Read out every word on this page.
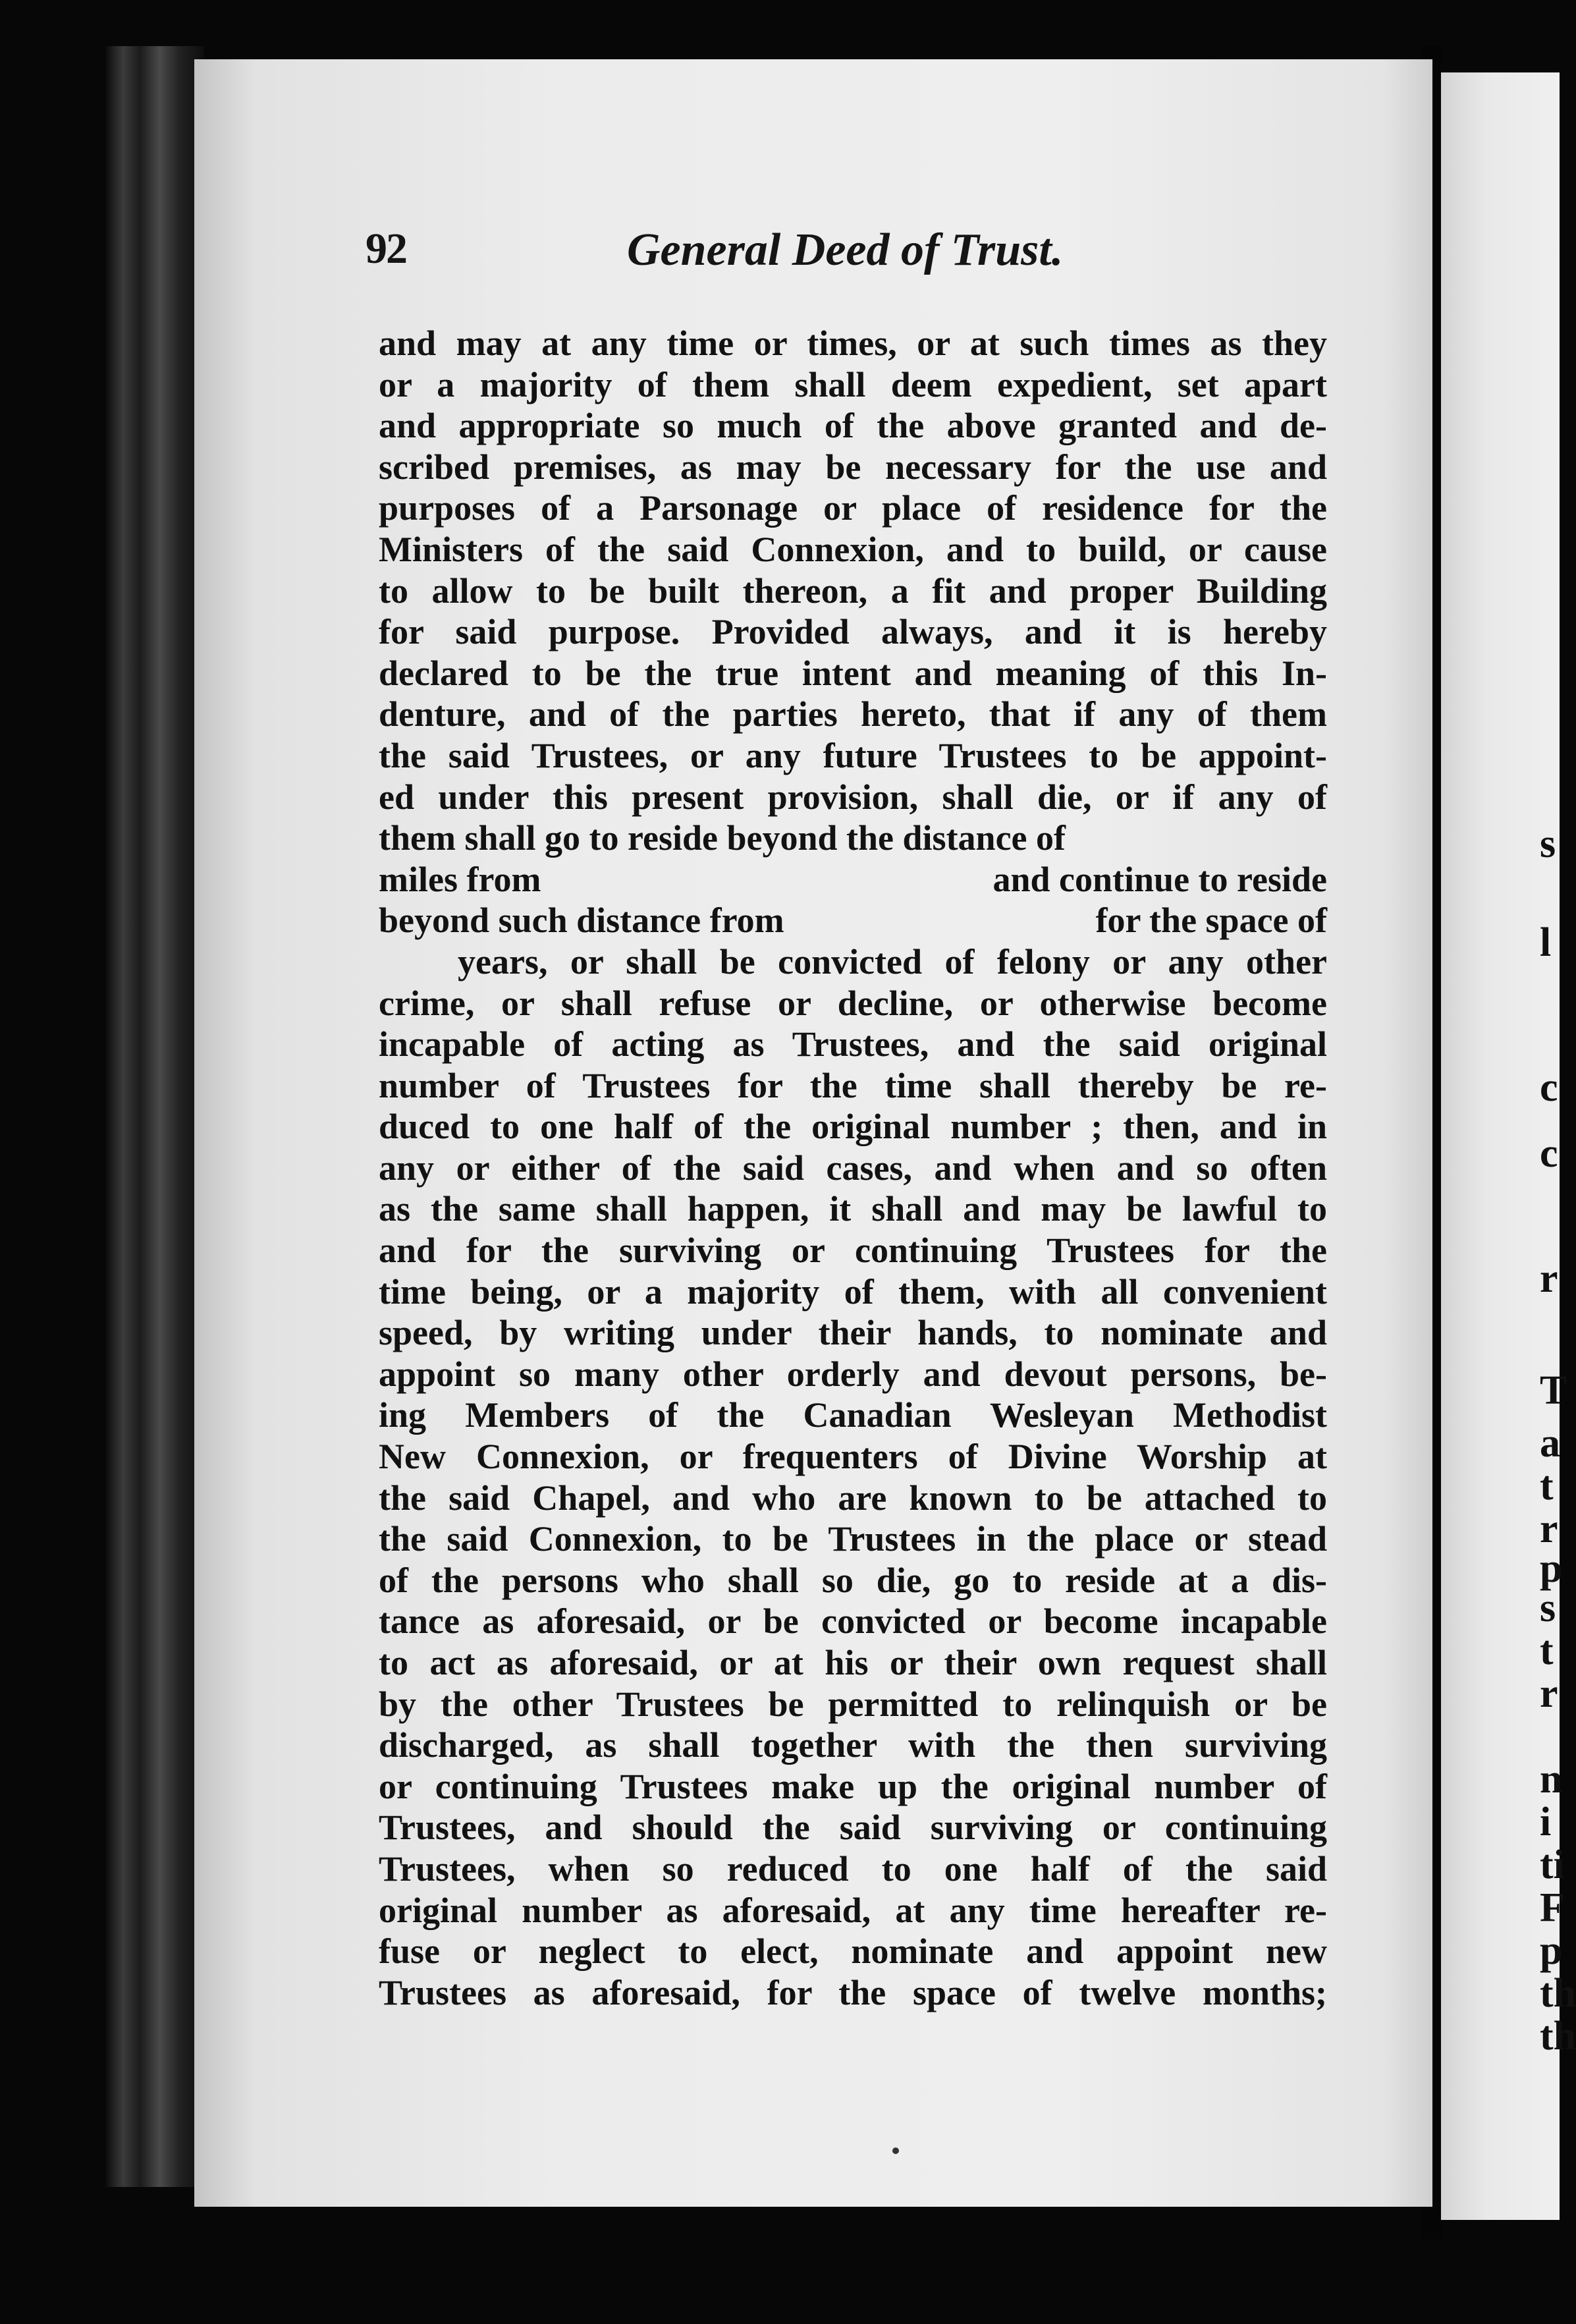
92	General Deed of Trust.
and may at any time or times, or at such times as they
or a majority of them shall deem expedient, set apart
and appropriate so much of the above granted and de-
scribed premises, as may be necessary for the use and
purposes of a Parsonage or place of residence for the
Ministers of the said Connexion, and to build, or cause
to allow to be built thereon, a fit and proper Building
for said purpose. Provided always, and it is hereby
declared to be the true intent and meaning of this In-
denture, and of the parties hereto, that if any of them
the said Trustees, or any future Trustees to be appoint-
ed under this present provision, shall die, or if any of
them shall go to reside beyond the distance of
miles from	and continue to reside
beyond such distance from	for the space of
years, or shall be convicted of felony or any other
crime, or shall refuse or decline, or otherwise become
incapable of acting as Trustees, and the said original
number of Trustees for the time shall thereby be re-
duced to one half of the original number ; then, and in
any or either of the said cases, and when and so often
as the same shall happen, it shall and may be lawful to
and for the surviving or continuing Trustees for the
time being, or a majority of them, with all convenient
speed, by writing under their hands, to nominate and
appoint so many other orderly and devout persons, be-
ing Members of the Canadian Wesleyan Methodist
New Connexion, or frequenters of Divine Worship at
the said Chapel, and who are known to be attached to
the said Connexion, to be Trustees in the place or stead
of the persons who shall so die, go to reside at a dis-
tance as aforesaid, or be convicted or become incapable
to act as aforesaid, or at his or their own request shall
by the other Trustees be permitted to relinquish or be
discharged, as shall together with the then surviving
or continuing Trustees make up the original number of
Trustees, and should the said surviving or continuing
Trustees, when so reduced to one half of the said
original number as aforesaid, at any time hereafter re-
fuse or neglect to elect, nominate and appoint new
Trustees as aforesaid, for the space of twelve months;
s
l
c
c
r
T
a
t
r
p
s
t
r
n
i
ti
F
p
th
th
